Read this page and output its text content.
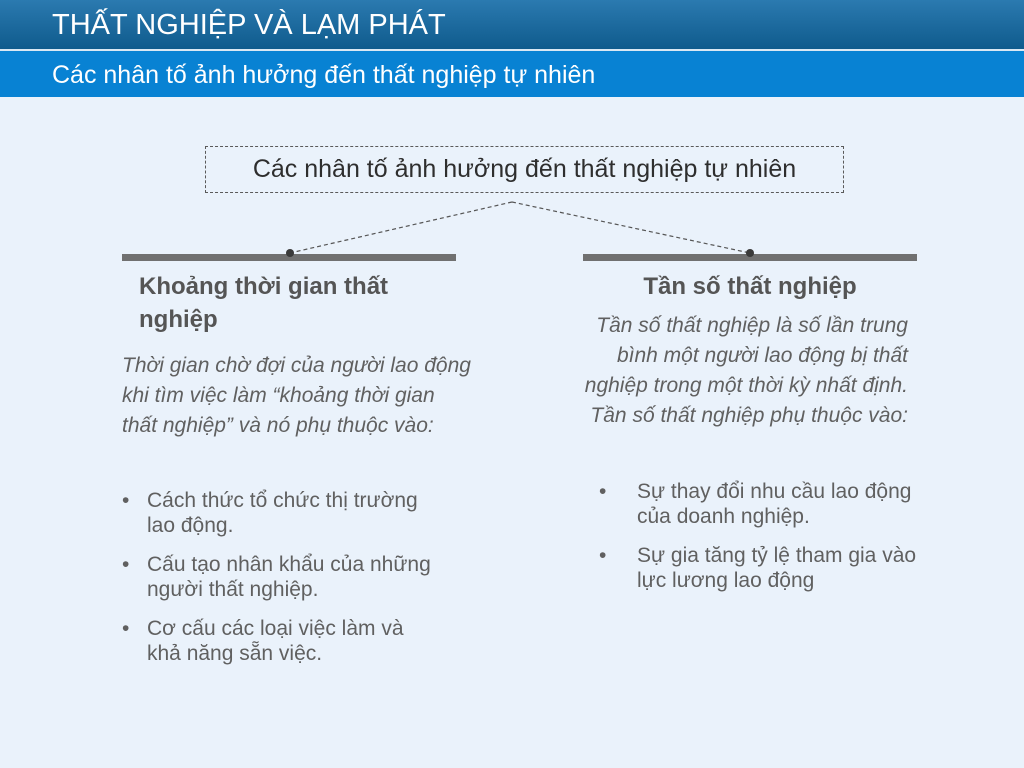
THẤT NGHIỆP VÀ LẠM PHÁT
Các nhân tố ảnh hưởng đến thất nghiệp tự nhiên
Các nhân tố ảnh hưởng đến thất nghiệp tự nhiên
Khoảng thời gian thất nghiệp
Thời gian chờ đợi của người lao động khi tìm việc làm “khoảng thời gian thất nghiệp” và nó phụ thuộc vào:
• Cách thức tổ chức thị trường lao động.
• Cấu tạo nhân khẩu của những người thất nghiệp.
• Cơ cấu các loại việc làm và khả năng sẵn việc.
Tần số thất nghiệp
Tần số thất nghiệp là số lần trung bình một người lao động bị thất nghiệp trong một thời kỳ nhất định. Tần số thất nghiệp phụ thuộc vào:
• Sự thay đổi nhu cầu lao động của doanh nghiệp.
• Sự gia tăng tỷ lệ tham gia vào lực lương lao động
